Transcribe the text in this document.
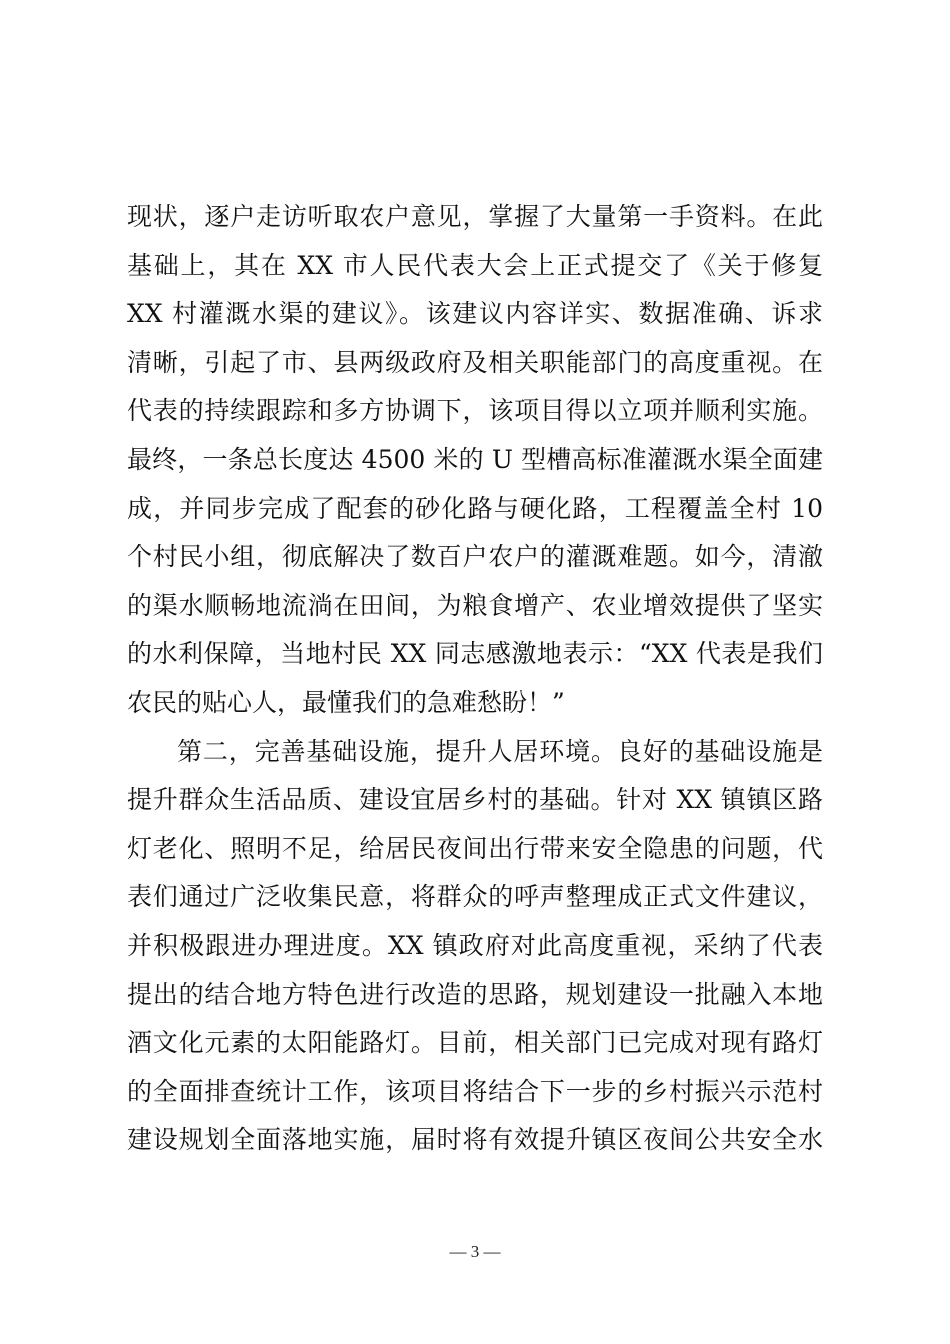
现状，逐户走访听取农户意见，掌握了大量第一手资料。在此
基础上，其在 XX 市人民代表大会上正式提交了《关于修复
XX 村灌溉水渠的建议》。该建议内容详实、数据准确、诉求
清晰，引起了市、县两级政府及相关职能部门的高度重视。在
代表的持续跟踪和多方协调下，该项目得以立项并顺利实施。
最终，一条总长度达 4500 米的 U 型槽高标准灌溉水渠全面建
成，并同步完成了配套的砂化路与硬化路，工程覆盖全村 10
个村民小组，彻底解决了数百户农户的灌溉难题。如今，清澈
的渠水顺畅地流淌在田间，为粮食增产、农业增效提供了坚实
的水利保障，当地村民 XX 同志感激地表示：“XX 代表是我们
农民的贴心人，最懂我们的急难愁盼！”
第二，完善基础设施，提升人居环境。良好的基础设施是
提升群众生活品质、建设宜居乡村的基础。针对 XX 镇镇区路
灯老化、照明不足，给居民夜间出行带来安全隐患的问题，代
表们通过广泛收集民意，将群众的呼声整理成正式文件建议，
并积极跟进办理进度。XX 镇政府对此高度重视，采纳了代表
提出的结合地方特色进行改造的思路，规划建设一批融入本地
酒文化元素的太阳能路灯。目前，相关部门已完成对现有路灯
的全面排查统计工作，该项目将结合下一步的乡村振兴示范村
建设规划全面落地实施，届时将有效提升镇区夜间公共安全水
— 3 —
